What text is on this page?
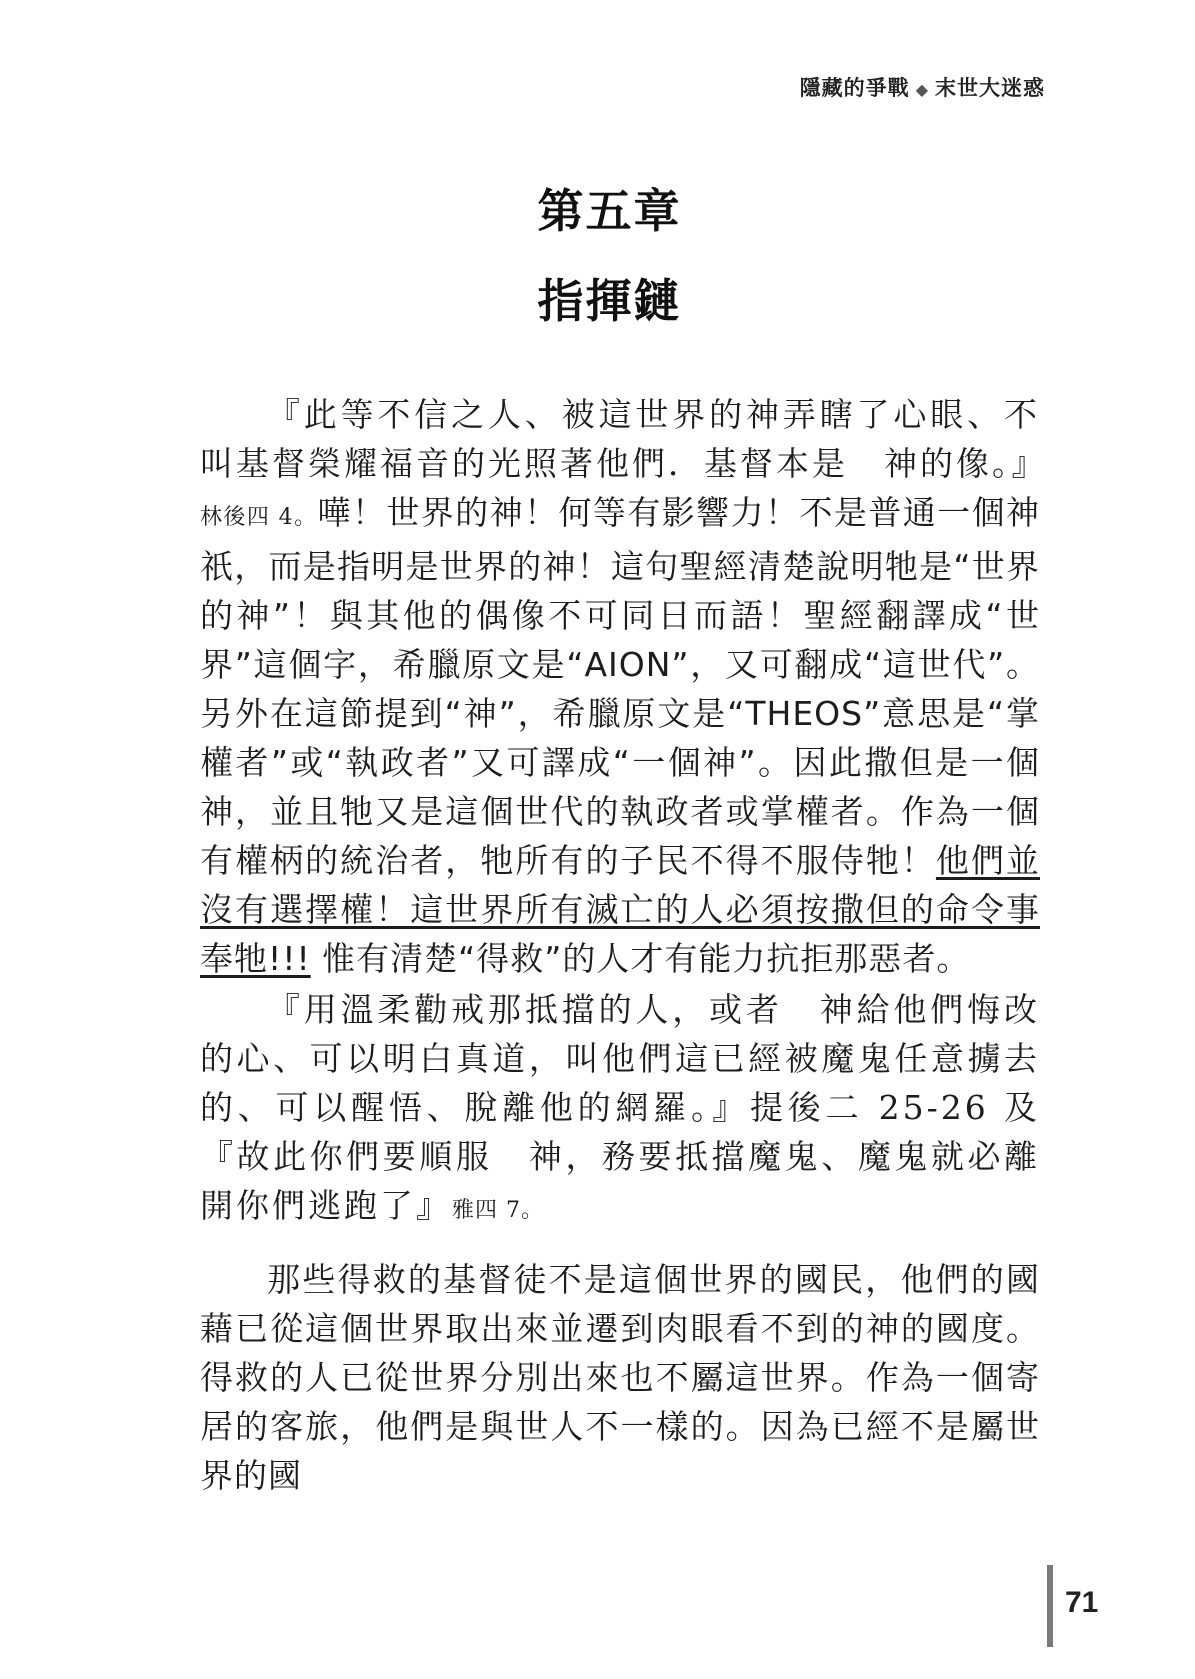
隱藏的爭戰 ◆ 末世大迷惑
第五章
指揮鏈

『此等不信之人、被這世界的神弄瞎了心眼、不叫基督榮耀福音的光照著他們．基督本是　神的像。』林後四 4。嘩！世界的神！何等有影響力！不是普通一個神祇，而是指明是世界的神！這句聖經清楚說明牠是“世界的神”！與其他的偶像不可同日而語！聖經翻譯成“世界”這個字，希臘原文是“AION”，又可翻成“這世代”。另外在這節提到“神”，希臘原文是“THEOS”意思是“掌權者”或“執政者”又可譯成“一個神”。因此撒但是一個神，並且牠又是這個世代的執政者或掌權者。作為一個有權柄的統治者，牠所有的子民不得不服侍牠！他們並沒有選擇權！這世界所有滅亡的人必須按撒但的命令事奉牠!!! 惟有清楚“得救”的人才有能力抗拒那惡者。

『用溫柔勸戒那抵擋的人，或者　神給他們悔改的心、可以明白真道，叫他們這已經被魔鬼任意擄去的、可以醒悟、脫離他的網羅。』提後二 25-26 及『故此你們要順服　神，務要抵擋魔鬼、魔鬼就必離開你們逃跑了』雅四 7。

那些得救的基督徒不是這個世界的國民，他們的國藉已從這個世界取出來並遷到肉眼看不到的神的國度。得救的人已從世界分別出來也不屬這世界。作為一個寄居的客旅，他們是與世人不一樣的。因為已經不是屬世界的國

71
